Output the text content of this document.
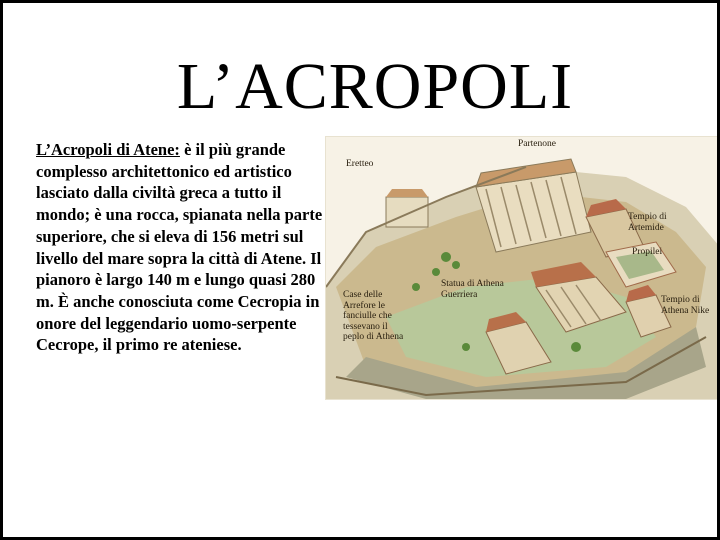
L’ACROPOLI
L’Acropoli di Atene: è il più grande complesso architettonico ed artistico lasciato dalla civiltà greca a tutto il mondo; è una rocca, spianata nella parte superiore, che si eleva di 156 metri sul livello del mare sopra la città di Atene. Il pianoro è largo 140 m e lungo quasi 280 m. È anche conosciuta come Cecropia in onore del leggendario uomo-serpente Cecrope, il primo re ateniese.
Partenone
Eretteo
Tempio di
Artemide
Propilei
Statua di Athena
Guerriera
Case delle
Arrefore le
fanciulle che
tessevano il
peplo di Athena
Tempio di
Athena Nike
